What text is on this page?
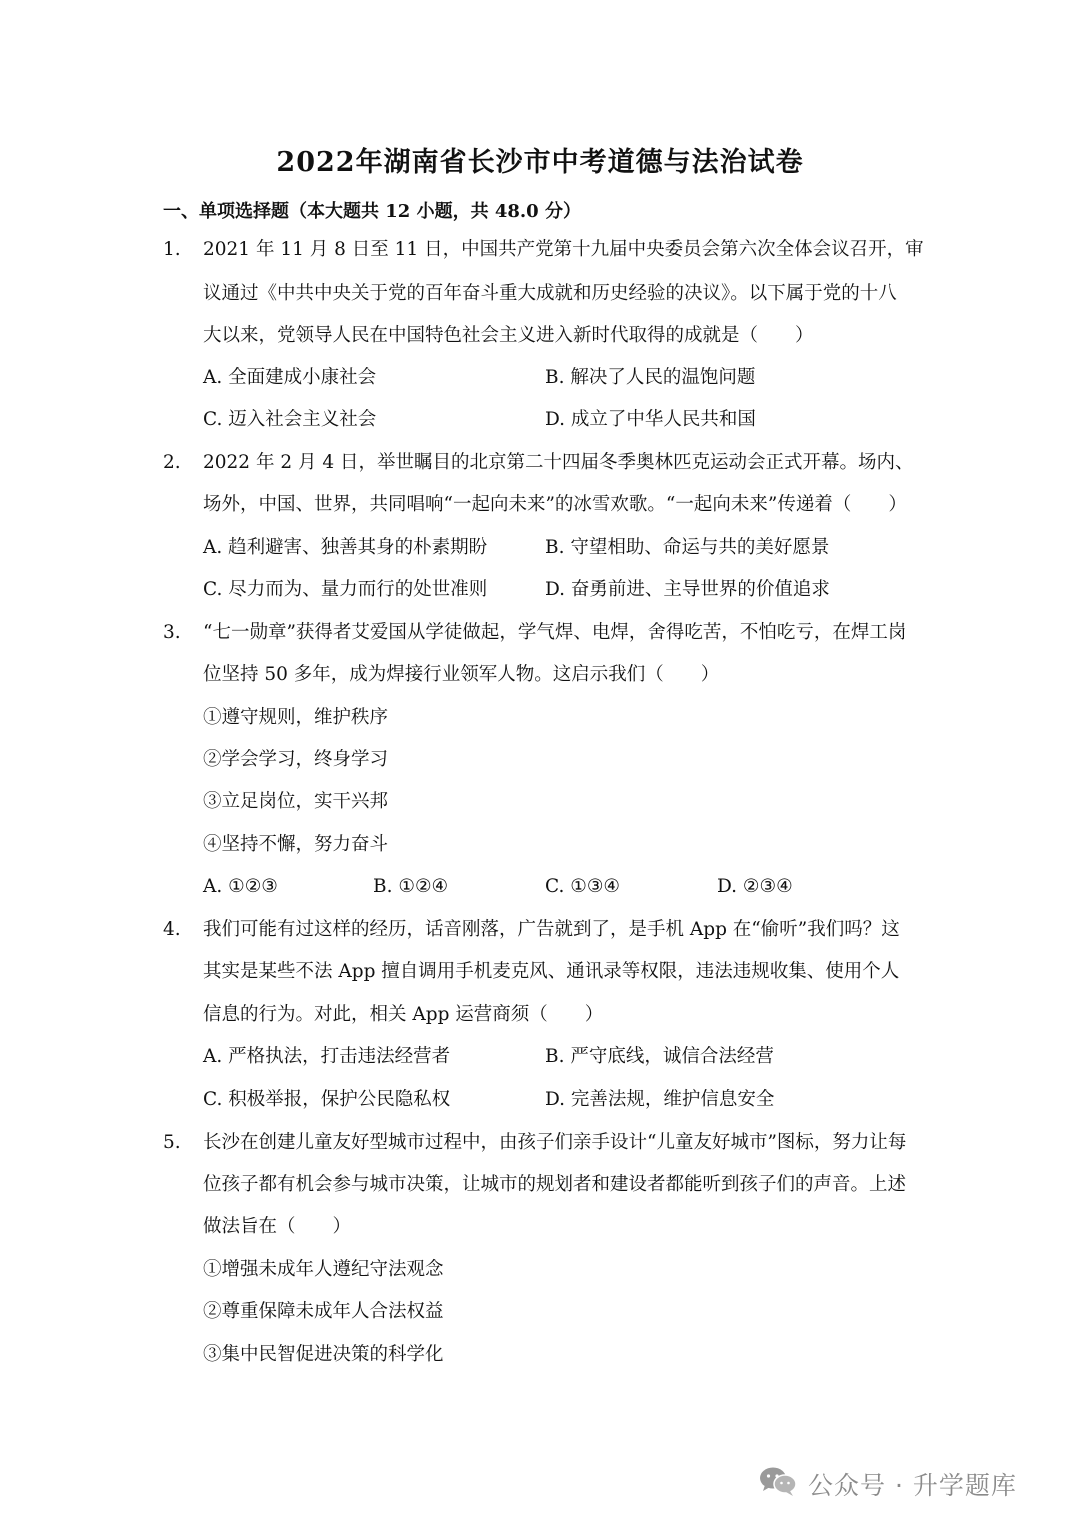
2022年湖南省长沙市中考道德与法治试卷
一、单项选择题（本大题共 12 小题，共 48.0 分）
1. 2021 年 11 月 8 日至 11 日，中国共产党第十九届中央委员会第六次全体会议召开，审
议通过《中共中央关于党的百年奋斗重大成就和历史经验的决议》。以下属于党的十八
大以来，党领导人民在中国特色社会主义进入新时代取得的成就是（　　）
A. 全面建成小康社会	B. 解决了人民的温饱问题
C. 迈入社会主义社会	D. 成立了中华人民共和国
2. 2022 年 2 月 4 日，举世瞩目的北京第二十四届冬季奥林匹克运动会正式开幕。场内、
场外，中国、世界，共同唱响“一起向未来”的冰雪欢歌。“一起向未来”传递着（　　）
A. 趋利避害、独善其身的朴素期盼	B. 守望相助、命运与共的美好愿景
C. 尽力而为、量力而行的处世准则	D. 奋勇前进、主导世界的价值追求
3. “七一勋章”获得者艾爱国从学徒做起，学气焊、电焊，舍得吃苦，不怕吃亏，在焊工岗
位坚持 50 多年，成为焊接行业领军人物。这启示我们（　　）
①遵守规则，维护秩序
②学会学习，终身学习
③立足岗位，实干兴邦
④坚持不懈，努力奋斗
A. ①②③	B. ①②④	C. ①③④	D. ②③④
4. 我们可能有过这样的经历，话音刚落，广告就到了，是手机 App 在“偷听”我们吗？这
其实是某些不法 App 擅自调用手机麦克风、通讯录等权限，违法违规收集、使用个人
信息的行为。对此，相关 App 运营商须（　　）
A. 严格执法，打击违法经营者	B. 严守底线，诚信合法经营
C. 积极举报，保护公民隐私权	D. 完善法规，维护信息安全
5. 长沙在创建儿童友好型城市过程中，由孩子们亲手设计“儿童友好城市”图标，努力让每
位孩子都有机会参与城市决策，让城市的规划者和建设者都能听到孩子们的声音。上述
做法旨在（　　）
①增强未成年人遵纪守法观念
②尊重保障未成年人合法权益
③集中民智促进决策的科学化
公众号 · 升学题库
